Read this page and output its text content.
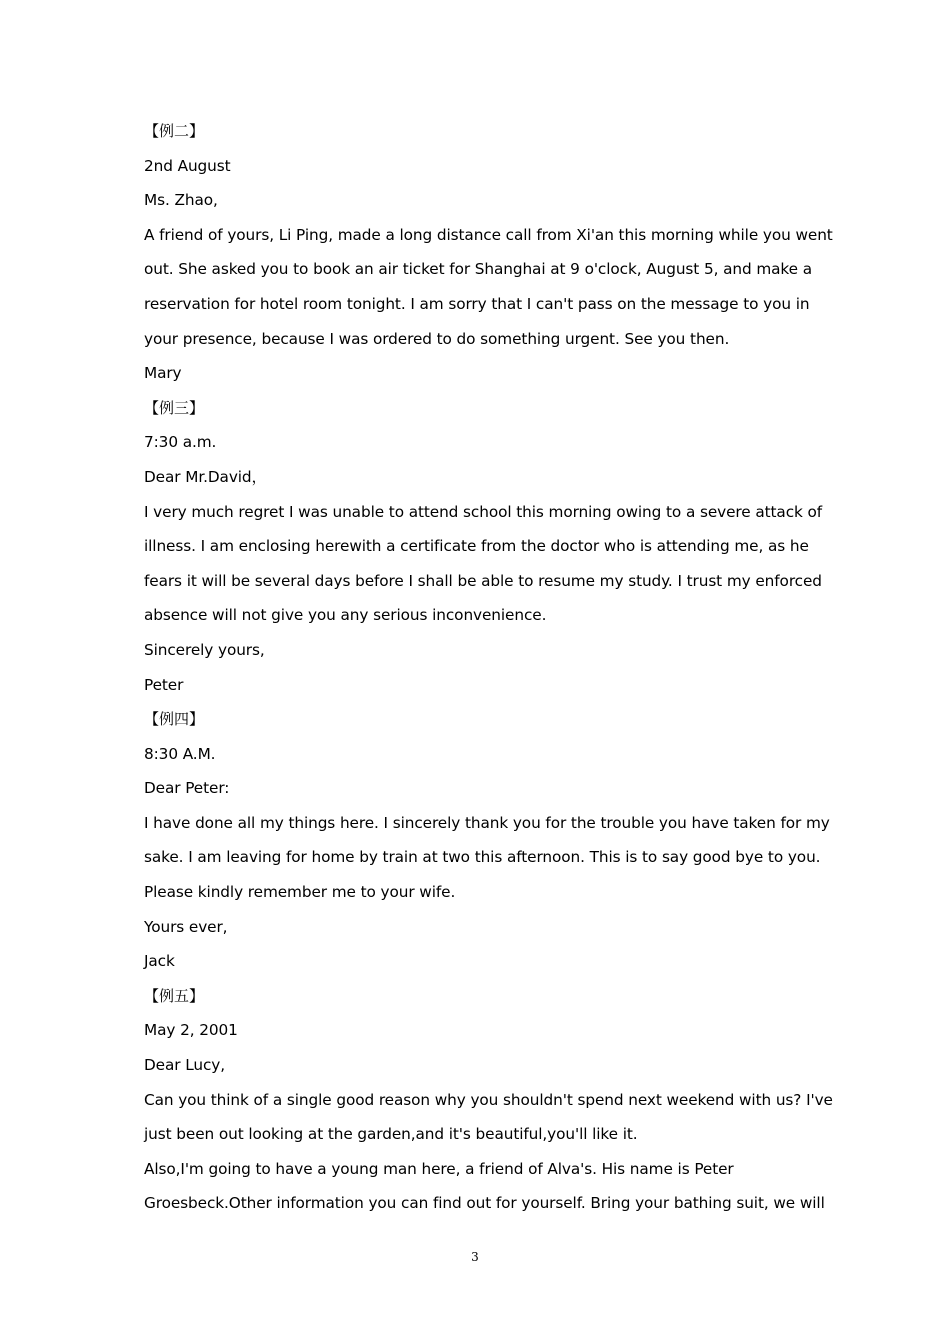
【例二】
2nd August
Ms. Zhao,
A friend of yours, Li Ping, made a long distance call from Xi'an this morning while you went
out. She asked you to book an air ticket for Shanghai at 9 o'clock, August 5, and make a
reservation for hotel room tonight. I am sorry that I can't pass on the message to you in
your presence, because I was ordered to do something urgent. See you then.
Mary
【例三】
7:30 a.m.
Dear Mr.David，
I very much regret I was unable to attend school this morning owing to a severe attack of
illness. I am enclosing herewith a certificate from the doctor who is attending me, as he
fears it will be several days before I shall be able to resume my study. I trust my enforced
absence will not give you any serious inconvenience.
Sincerely yours,
Peter
【例四】
8:30 A.M.
Dear Peter:
I have done all my things here. I sincerely thank you for the trouble you have taken for my
sake. I am leaving for home by train at two this afternoon. This is to say good bye to you.
Please kindly remember me to your wife.
Yours ever,
Jack
【例五】
May 2, 2001
Dear Lucy,
Can you think of a single good reason why you shouldn't spend next weekend with us? I've
just been out looking at the garden,and it's beautiful,you'll like it.
Also,I'm going to have a young man here, a friend of Alva's. His name is Peter
Groesbeck.Other information you can find out for yourself. Bring your bathing suit, we will
3
